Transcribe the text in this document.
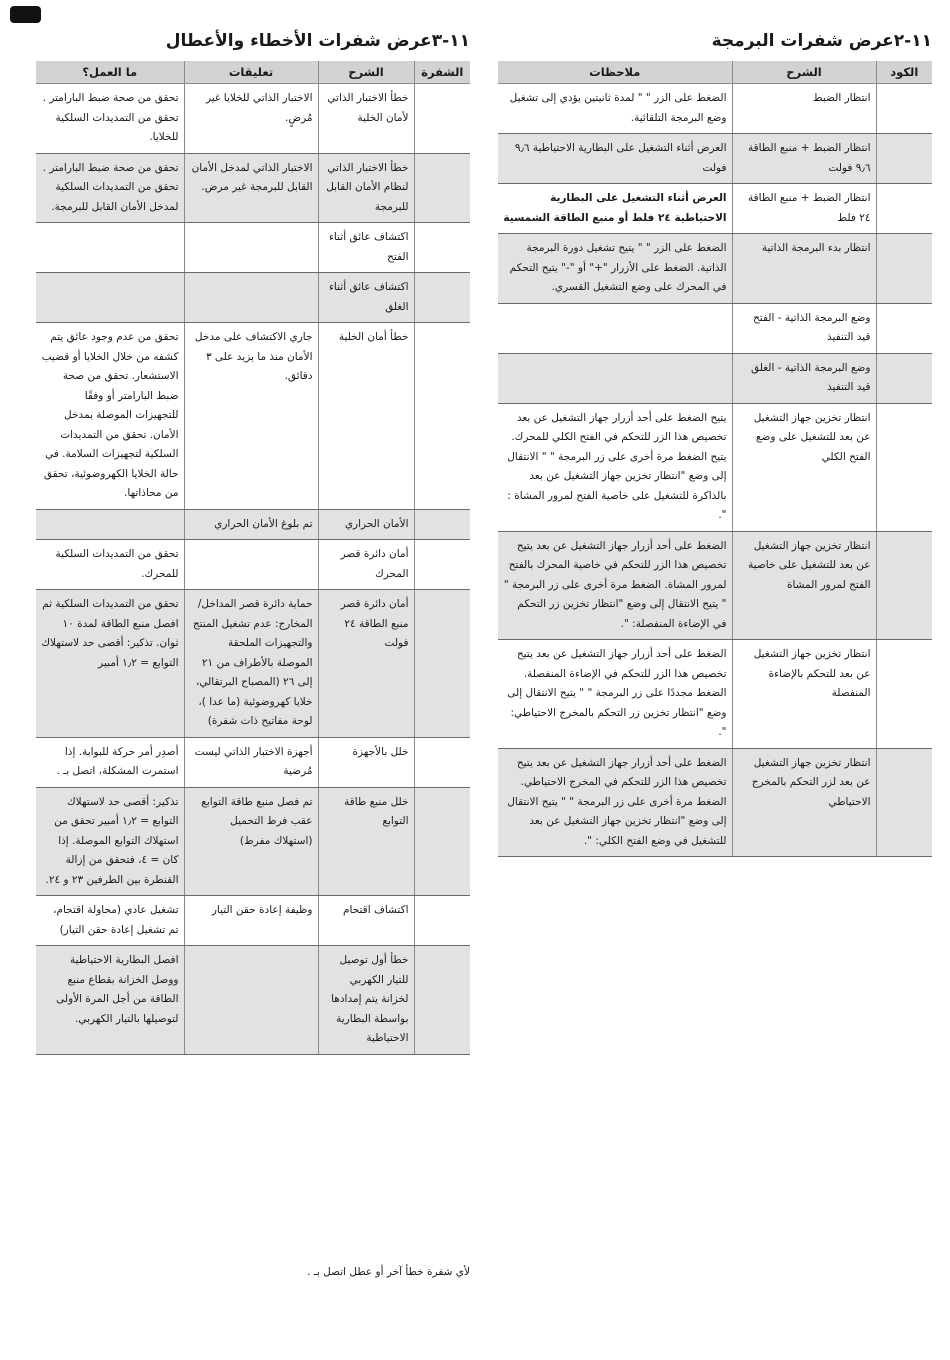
١١-٣عرض شفرات الأخطاء والأعطال
الشفرة	الشرح	تعليقات	ما العمل؟
	خطأ الاختبار الذاتي لأمان الخلية	الاختبار الذاتي للخلايا غير مُرضٍ.	تحقق من صحة ضبط البارامتر . تحقق من التمديدات السلكية للخلايا.
	خطأ الاختبار الذاتي لنظام الأمان القابل للبرمجة	الاختبار الذاتي لمدخل الأمان القابل للبرمجة غير مرض.	تحقق من صحة ضبط البارامتر . تحقق من التمديدات السلكية لمدخل الأمان القابل للبرمجة.
	اكتشاف عائق أثناء الفتح		
	اكتشاف عائق أثناء الغلق		
	خطأ أمان الخلية	جاري الاكتشاف على مدخل الأمان منذ ما يزيد على ٣ دقائق.	تحقق من عدم وجود عائق يتم كشفه من خلال الخلايا أو قضيب الاستشعار. تحقق من صحة ضبط البارامتر أو وفقًا للتجهيزات الموصلة بمدخل الأمان. تحقق من التمديدات السلكية لتجهيزات السلامة. في حالة الخلايا الكهروضوئية، تحقق من محاذاتها.
	الأمان الحراري	تم بلوغ الأمان الحراري	
	أمان دائرة قصر المحرك		تحقق من التمديدات السلكية للمحرك.
	أمان دائرة قصر منبع الطاقة ٢٤ فولت	حماية دائرة قصر المداخل/المخارج: عدم تشغيل المنتج والتجهيزات الملحقة الموصلة بالأطراف من ٢١ إلى ٢٦ (المصباح البرتقالي، خلايا كهروضوئية (ما عدا )، لوحة مفاتيح ذات شفرة)	تحقق من التمديدات السلكية ثم افصل منبع الطاقة لمدة ١٠ ثوان. تذكير: أقصى حد لاستهلاك التوابع = ١٫٢ أمبير
	خلل بالأجهزة	أجهزة الاختبار الذاتي ليست مُرضية	أصدِر أمر حركة للبوابة. إذا استمرت المشكلة، اتصل بـ .
	خلل منبع طاقة التوابع	تم فصل منبع طاقة التوابع عقب فرط التحميل (استهلاك مفرط)	تذكير: أقصى حد لاستهلاك التوابع = ١٫٢ أمبير تحقق من استهلاك التوابع الموصلة. إذا كان = ٤، فتحقق من إزالة القنطرة بين الطرفين ٢٣ و ٢٤.
	اكتشاف اقتحام	وظيفة إعادة حقن التيار	تشغيل عادي (محاولة اقتحام، تم تشغيل إعادة حقن التيار)
	خطأ أول توصيل للتيار الكهربي لخزانة يتم إمدادها بواسطة البطارية الاحتياطية		افصل البطارية الاحتياطية ووصل الخزانة بقطاع منبع الطاقة من أجل المرة الأولى لتوصيلها بالتيار الكهربي.
لأي شفرة خطأ آخر أو عطل اتصل بـ .
١١-٢عرض شفرات البرمجة
الكود	الشرح	ملاحظات
	انتظار الضبط	الضغط على الزر " " لمدة ثانيتين يؤدي إلى تشغيل وضع البرمجة التلقائية.
	انتظار الضبط + منبع الطاقة ٩٫٦ فولت	العرض أثناء التشغيل على البطارية الاحتياطية ٩٫٦ فولت
	انتظار الضبط + منبع الطاقة ٢٤ فلط	العرض أثناء التشغيل على البطارية الاحتياطية ٢٤ فلط أو منبع الطاقة الشمسية
	انتظار بدء البرمجة الذاتية	الضغط على الزر " " يتيح تشغيل دورة البرمجة الذاتية. الضغط على الأزرار "+" أو "-" يتيح التحكم في المحرك على وضع التشغيل القسري.
	وضع البرمجة الذاتية - الفتح قيد التنفيذ	
	وضع البرمجة الذاتية - الغلق قيد التنفيذ	
	انتظار تخزين جهاز التشغيل عن بعد للتشغيل على وضع الفتح الكلي	يتيح الضغط على أحد أزرار جهاز التشغيل عن بعد تخصيص هذا الزر للتحكم في الفتح الكلي للمحرك. يتيح الضغط مرة أخرى على زر البرمجة " " الانتقال إلى وضع "انتظار تخزين جهاز التشغيل عن بعد بالذاكرة للتشغيل على خاصية الفتح لمرور المشاة : ".
	انتظار تخزين جهاز التشغيل عن بعد للتشغيل على خاصية الفتح لمرور المشاة	الضغط على أحد أزرار جهاز التشغيل عن بعد يتيح تخصيص هذا الزر للتحكم في خاصية المحرك بالفتح لمرور المشاة. الضغط مرة أخرى على زر البرمجة " " يتيح الانتقال إلى وضع "انتظار تخزين زر التحكم في الإضاءة المنفصلة: ".
	انتظار تخزين جهاز التشغيل عن بعد للتحكم بالإضاءة المنفصلة	الضغط على أحد أزرار جهاز التشغيل عن بعد يتيح تخصيص هذا الزر للتحكم في الإضاءة المنفصلة. الضغط مجددًا على زر البرمجة " " يتيح الانتقال إلى وضع "انتظار تخزين زر التحكم بالمخرج الاحتياطي: ".
	انتظار تخزين جهاز التشغيل عن بعد لزر التحكم بالمخرج الاحتياطي	الضغط على أحد أزرار جهاز التشغيل عن بعد يتيح تخصيص هذا الزر للتحكم في المخرج الاحتياطي. الضغط مرة أخرى على زر البرمجة " " يتيح الانتقال إلى وضع "انتظار تخزين جهاز التشغيل عن بعد للتشغيل في وضع الفتح الكلي: ".
